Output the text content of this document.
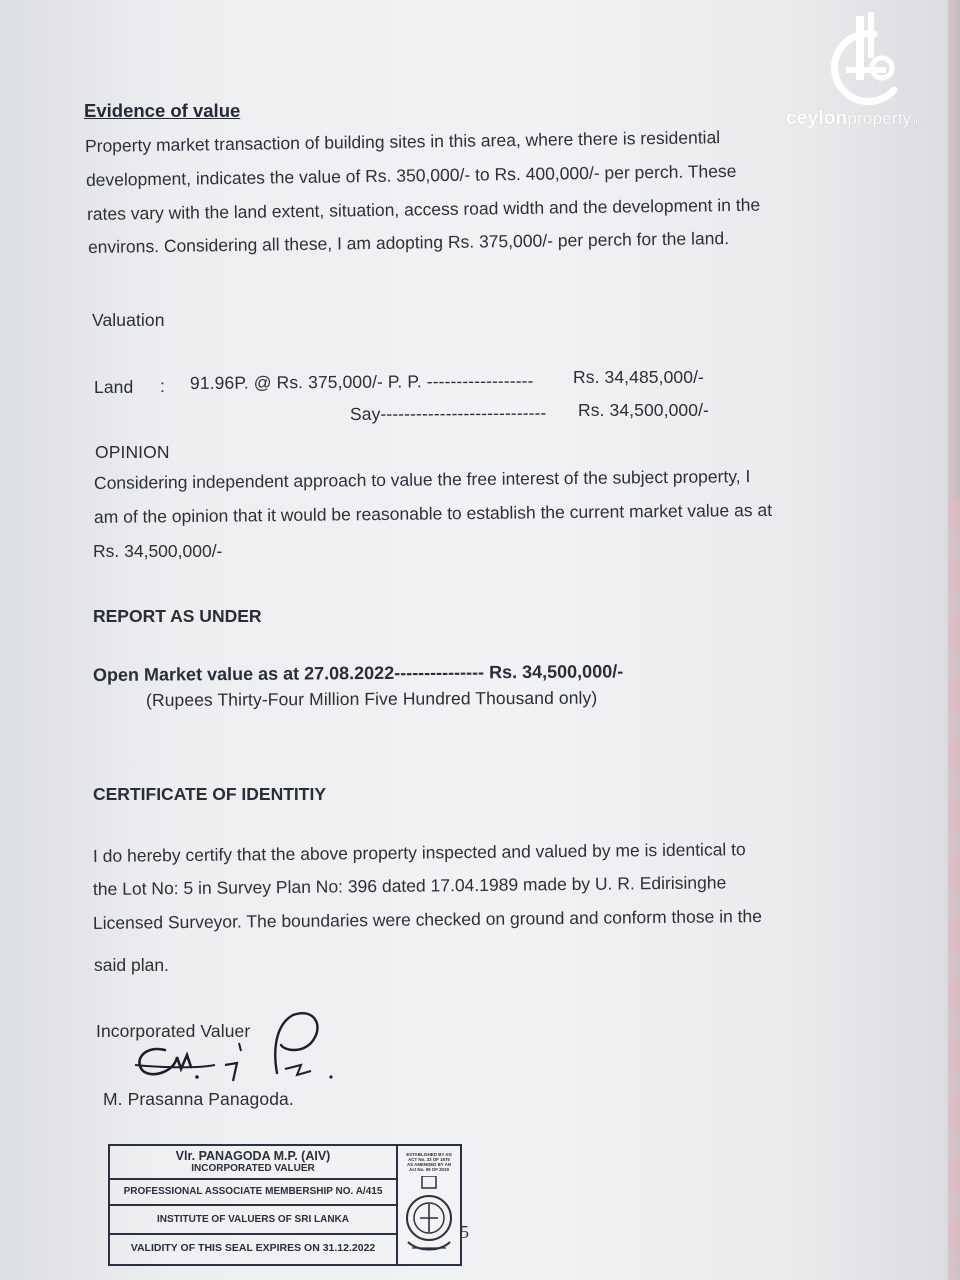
ceylonproperty.lk
Evidence of value

Property market transaction of building sites in this area, where there is residential

development, indicates the value of Rs. 350,000/- to Rs. 400,000/- per perch. These

rates vary with the land extent, situation, access road width and the development in the

environs. Considering all these, I am adopting Rs. 375,000/- per perch for the land.

Valuation
Land : 91.96P. @ Rs. 375,000/- P. P. ------------------ Rs. 34,485,000/-
Say---------------------------- Rs. 34,500,000/-
OPINION

Considering independent approach to value the free interest of the subject property, I

am of the opinion that it would be reasonable to establish the current market value as at

Rs. 34,500,000/-

REPORT AS UNDER
Open Market value as at 27.08.2022--------------- Rs. 34,500,000/-
(Rupees Thirty-Four Million Five Hundred Thousand only)
CERTIFICATE OF IDENTITIY

I do hereby certify that the above property inspected and valued by me is identical to

the Lot No: 5 in Survey Plan No: 396 dated 17.04.1989 made by U. R. Edirisinghe

Licensed Surveyor. The boundaries were checked on ground and conform those in the

said plan.

Incorporated Valuer
M. Prasanna Panagoda.
Vlr. PANAGODA M.P. (AIV)
INCORPORATED VALUER
PROFESSIONAL ASSOCIATE MEMBERSHIP NO. A/415
INSTITUTE OF VALUERS OF SRI LANKA
VALIDITY OF THIS SEAL EXPIRES ON 31.12.2022
ESTABLISHED BY AN
ACT No. 33 OF 1975
AS AMENDED BY AN
Act No. 09 OF 2019
5
